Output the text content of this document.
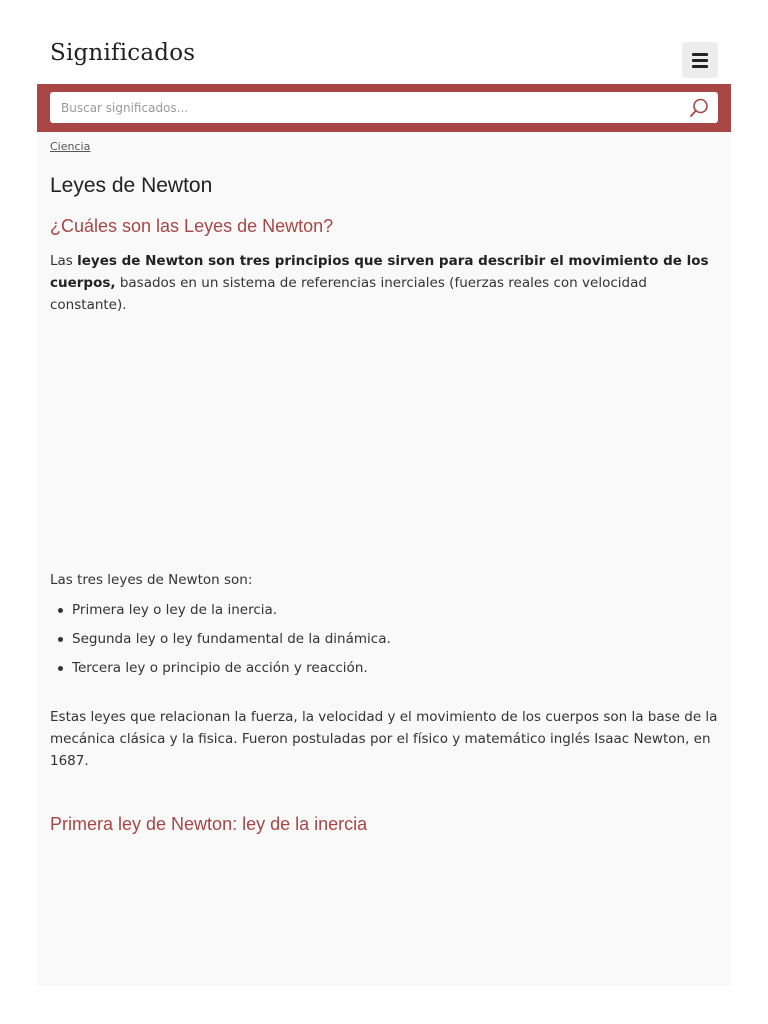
Significados
Buscar significados...
Ciencia
Leyes de Newton
¿Cuáles son las Leyes de Newton?

Las leyes de Newton son tres principios que sirven para describir el movimiento de los cuerpos, basados en un sistema de referencias inerciales (fuerzas reales con velocidad constante).

Las tres leyes de Newton son:

Primera ley o ley de la inercia.
Segunda ley o ley fundamental de la dinámica.
Tercera ley o principio de acción y reacción.

Estas leyes que relacionan la fuerza, la velocidad y el movimiento de los cuerpos son la base de la mecánica clásica y la fisica. Fueron postuladas por el físico y matemático inglés Isaac Newton, en 1687.

Primera ley de Newton: ley de la inercia
